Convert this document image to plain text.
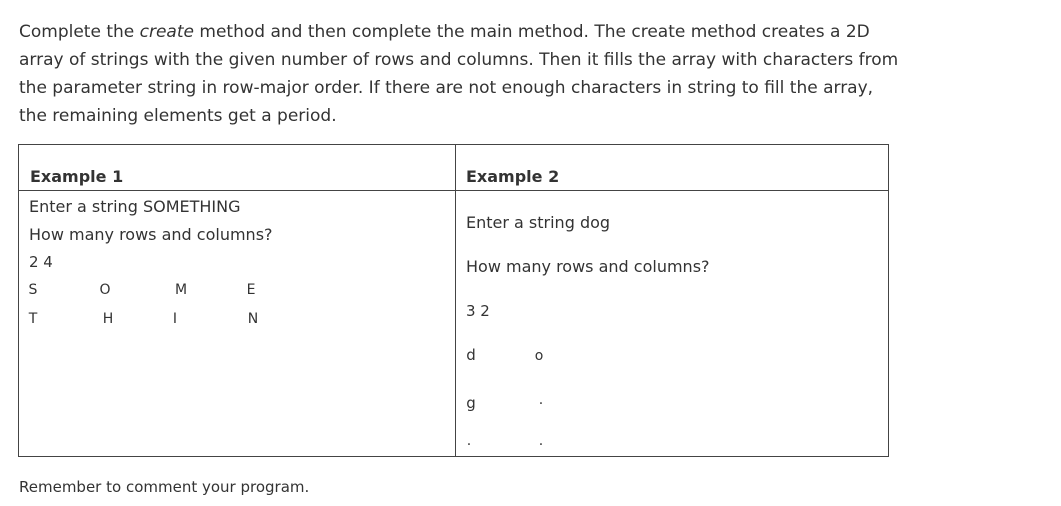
Complete the create method and then complete the main method. The create method creates a 2D array of strings with the given number of rows and columns. Then it fills the array with characters from the parameter string in row-major order. If there are not enough characters in string to fill the array, the remaining elements get a period.

Example 1	Example 2
Enter a string SOMETHING
How many rows and columns?
2 4
S	O	M	E
T	H	I	N
Enter a string dog
How many rows and columns?
3 2
d	o
g	.
.	.
Remember to comment your program.
